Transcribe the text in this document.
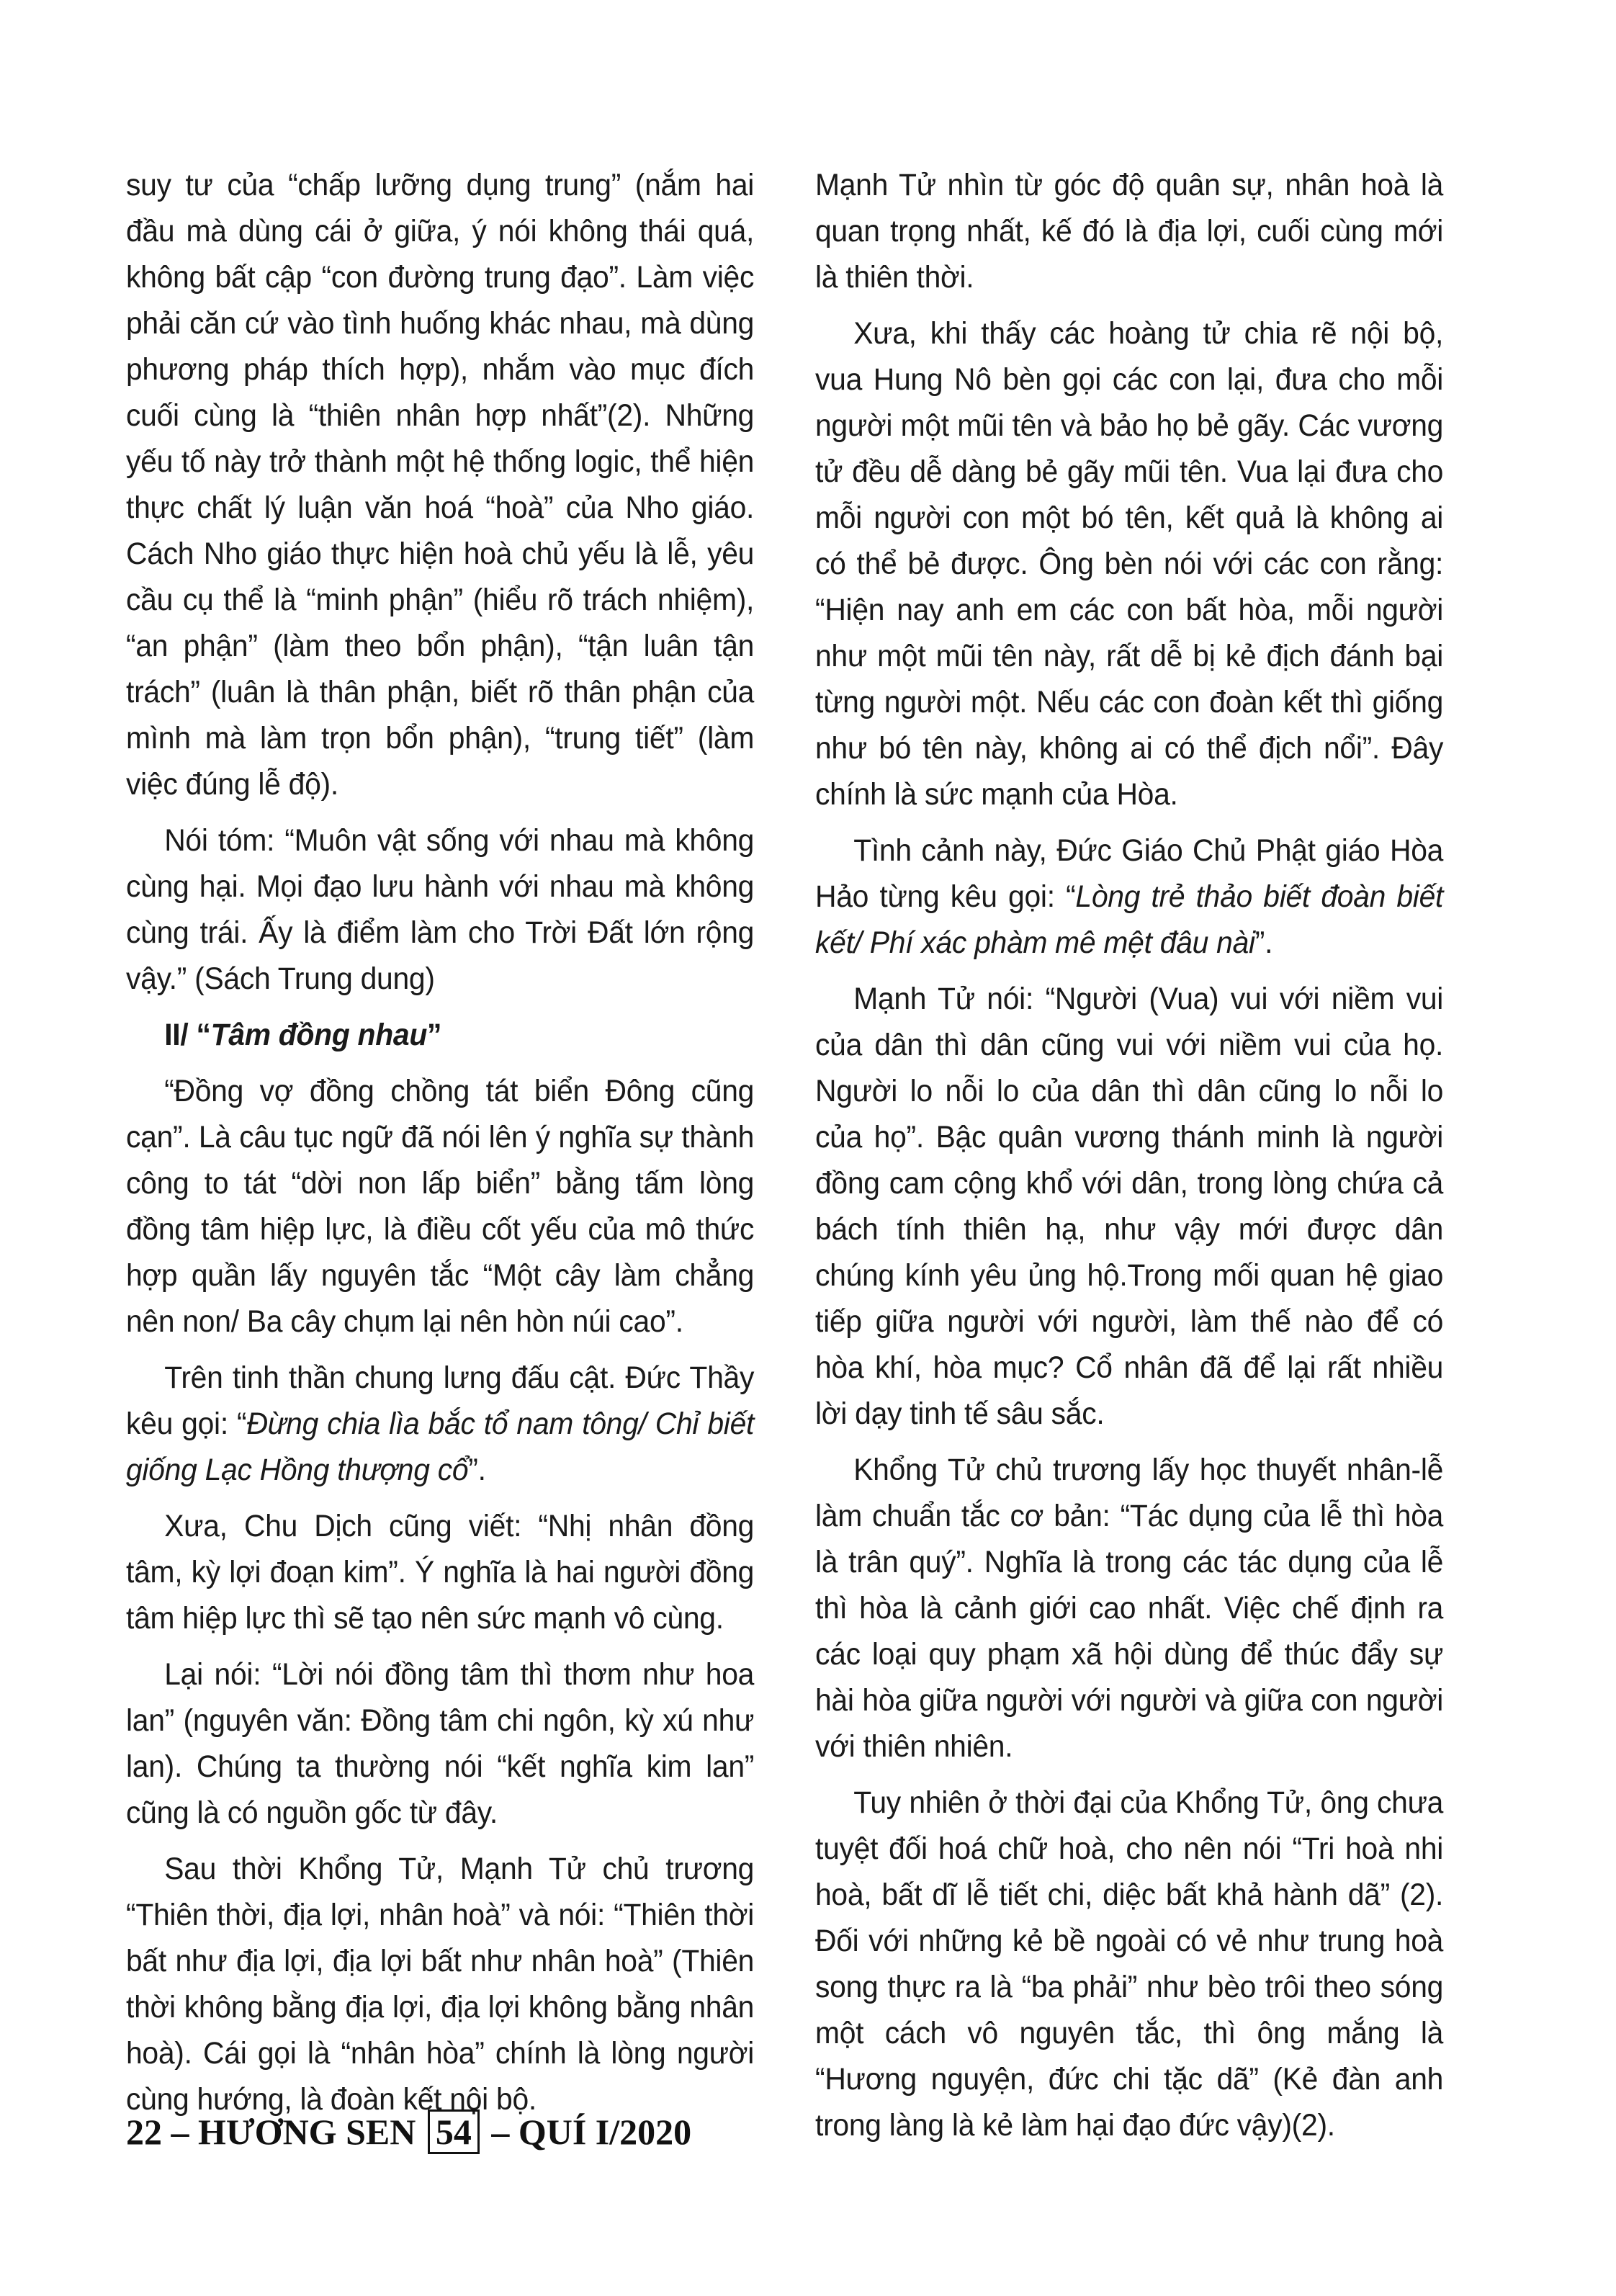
suy tư của “chấp lưỡng dụng trung” (nắm hai đầu mà dùng cái ở giữa, ý nói không thái quá, không bất cập “con đường trung đạo”. Làm việc phải căn cứ vào tình huống khác nhau, mà dùng phương pháp thích hợp), nhắm vào mục đích cuối cùng là “thiên nhân hợp nhất”(2). Những yếu tố này trở thành một hệ thống logic, thể hiện thực chất lý luận văn hoá “hoà” của Nho giáo. Cách Nho giáo thực hiện hoà chủ yếu là lễ, yêu cầu cụ thể là “minh phận” (hiểu rõ trách nhiệm), “an phận” (làm theo bổn phận), “tận luân tận trách” (luân là thân phận, biết rõ thân phận của mình mà làm trọn bổn phận), “trung tiết” (làm việc đúng lễ độ).

Nói tóm: “Muôn vật sống với nhau mà không cùng hại. Mọi đạo lưu hành với nhau mà không cùng trái. Ấy là điểm làm cho Trời Đất lớn rộng vậy.” (Sách Trung dung)

II/ “Tâm đồng nhau”

“Đồng vợ đồng chồng tát biển Đông cũng cạn”. Là câu tục ngữ đã nói lên ý nghĩa sự thành công to tát “dời non lấp biển” bằng tấm lòng đồng tâm hiệp lực, là điều cốt yếu của mô thức hợp quần lấy nguyên tắc “Một cây làm chẳng nên non/ Ba cây chụm lại nên hòn núi cao”.

Trên tinh thần chung lưng đấu cật. Đức Thầy kêu gọi: “Đừng chia lìa bắc tổ nam tông/ Chỉ biết giống Lạc Hồng thượng cổ”.

Xưa, Chu Dịch cũng viết: “Nhị nhân đồng tâm, kỳ lợi đoạn kim”. Ý nghĩa là hai người đồng tâm hiệp lực thì sẽ tạo nên sức mạnh vô cùng.

Lại nói: “Lời nói đồng tâm thì thơm như hoa lan” (nguyên văn: Đồng tâm chi ngôn, kỳ xú như lan). Chúng ta thường nói “kết nghĩa kim lan” cũng là có nguồn gốc từ đây.

Sau thời Khổng Tử, Mạnh Tử chủ trương “Thiên thời, địa lợi, nhân hoà” và nói: “Thiên thời bất như địa lợi, địa lợi bất như nhân hoà” (Thiên thời không bằng địa lợi, địa lợi không bằng nhân hoà). Cái gọi là “nhân hòa” chính là lòng người cùng hướng, là đoàn kết nội bộ.

Mạnh Tử nhìn từ góc độ quân sự, nhân hoà là quan trọng nhất, kế đó là địa lợi, cuối cùng mới là thiên thời.

Xưa, khi thấy các hoàng tử chia rẽ nội bộ, vua Hung Nô bèn gọi các con lại, đưa cho mỗi người một mũi tên và bảo họ bẻ gãy. Các vương tử đều dễ dàng bẻ gãy mũi tên. Vua lại đưa cho mỗi người con một bó tên, kết quả là không ai có thể bẻ được. Ông bèn nói với các con rằng: “Hiện nay anh em các con bất hòa, mỗi người như một mũi tên này, rất dễ bị kẻ địch đánh bại từng người một. Nếu các con đoàn kết thì giống như bó tên này, không ai có thể địch nổi”. Đây chính là sức mạnh của Hòa.

Tình cảnh này, Đức Giáo Chủ Phật giáo Hòa Hảo từng kêu gọi: “Lòng trẻ thảo biết đoàn biết kết/ Phí xác phàm mê mệt đâu nài”.

Mạnh Tử nói: “Người (Vua) vui với niềm vui của dân thì dân cũng vui với niềm vui của họ. Người lo nỗi lo của dân thì dân cũng lo nỗi lo của họ”. Bậc quân vương thánh minh là người đồng cam cộng khổ với dân, trong lòng chứa cả bách tính thiên hạ, như vậy mới được dân chúng kính yêu ủng hộ.Trong mối quan hệ giao tiếp giữa người với người, làm thế nào để có hòa khí, hòa mục? Cổ nhân đã để lại rất nhiều lời dạy tinh tế sâu sắc.

Khổng Tử chủ trương lấy học thuyết nhân-lễ làm chuẩn tắc cơ bản: “Tác dụng của lễ thì hòa là trân quý”. Nghĩa là trong các tác dụng của lễ thì hòa là cảnh giới cao nhất. Việc chế định ra các loại quy phạm xã hội dùng để thúc đẩy sự hài hòa giữa người với người và giữa con người với thiên nhiên.

Tuy nhiên ở thời đại của Khổng Tử, ông chưa tuyệt đối hoá chữ hoà, cho nên nói “Tri hoà nhi hoà, bất dĩ lễ tiết chi, diệc bất khả hành dã” (2). Đối với những kẻ bề ngoài có vẻ như trung hoà song thực ra là “ba phải” như bèo trôi theo sóng một cách vô nguyên tắc, thì ông mắng là “Hương nguyện, đức chi tặc dã” (Kẻ đàn anh trong làng là kẻ làm hại đạo đức vậy)(2).

22 – HƯƠNG SEN 54 – QUÍ I/2020
